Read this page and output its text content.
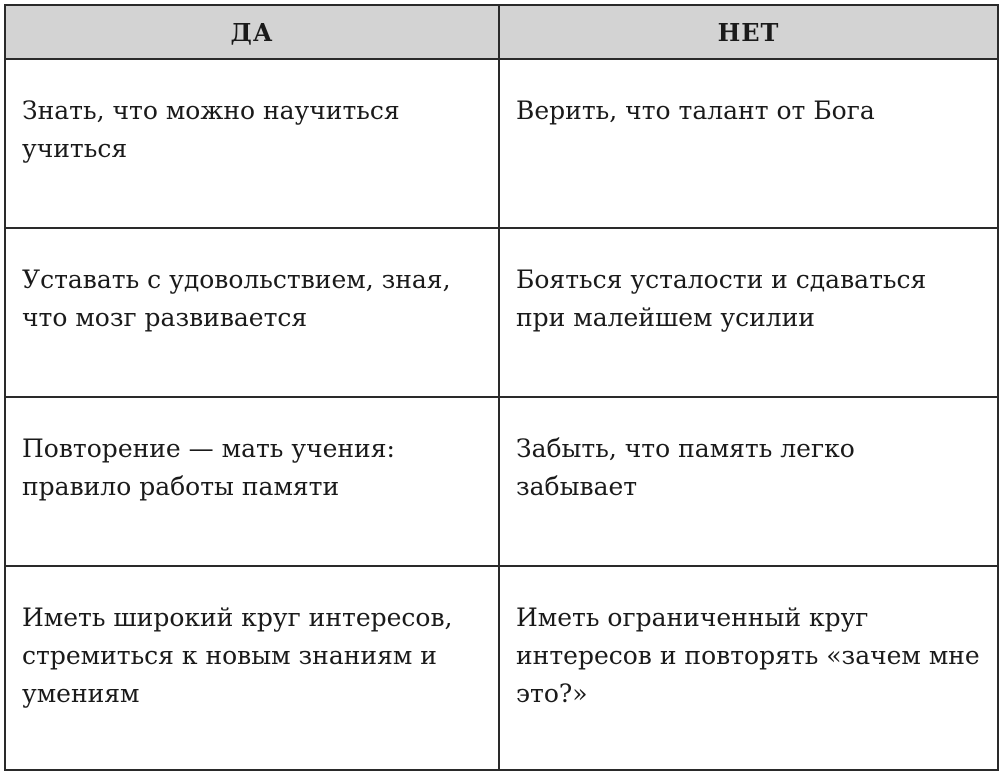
ДА	НЕТ
Знать, что можно научиться учиться	Верить, что талант от Бога
Уставать с удовольствием, зная, что мозг развивается	Бояться усталости и сдаваться при малейшем усилии
Повторение — мать учения: правило работы памяти	Забыть, что память легко забывает
Иметь широкий круг интересов, стремиться к новым знаниям и умениям	Иметь ограниченный круг интересов и повторять «зачем мне это?»
